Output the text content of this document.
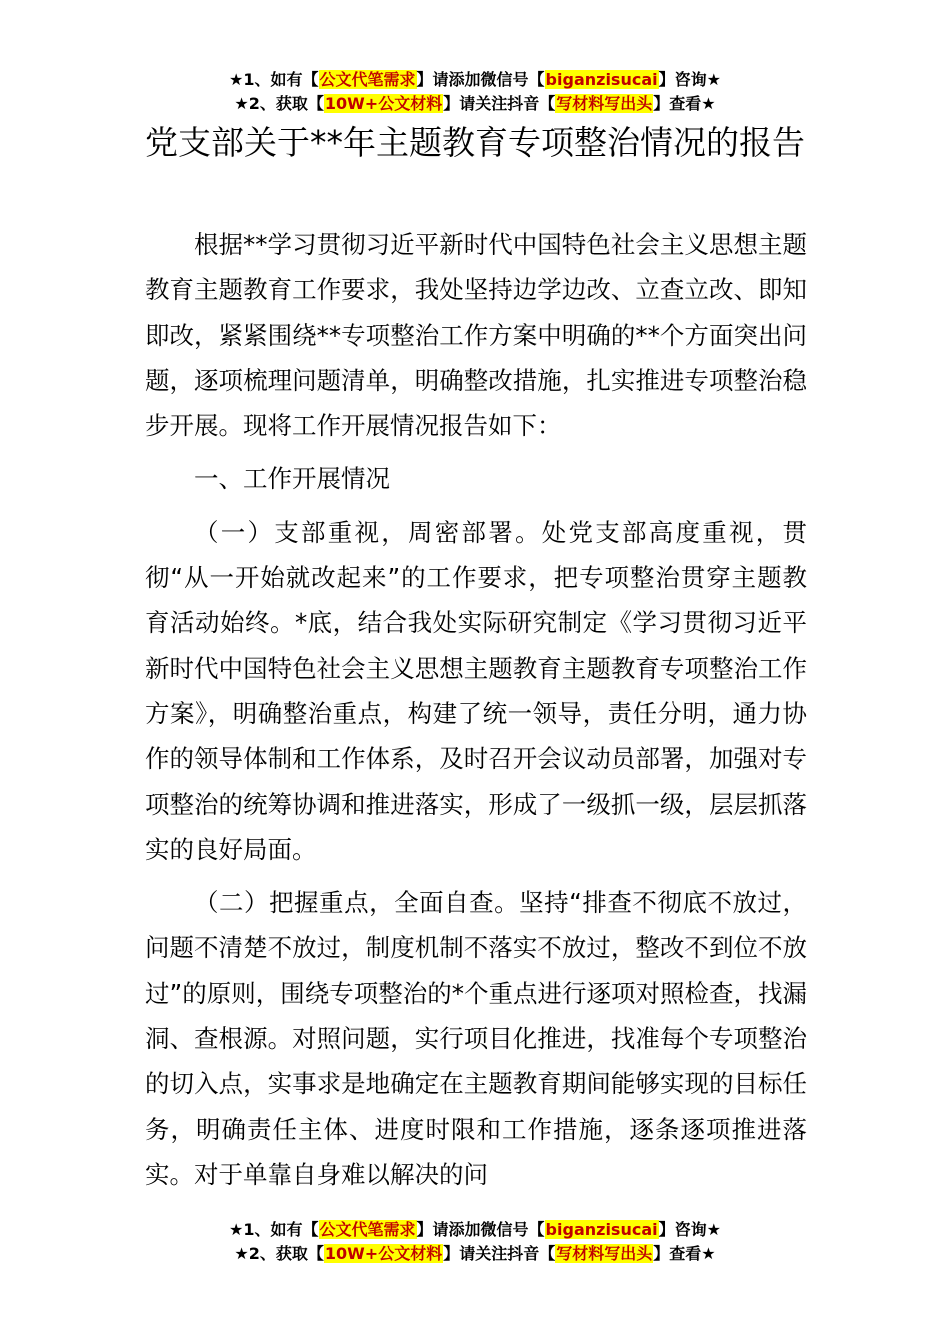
★1、如有【公文代笔需求】请添加微信号【biganzisucai】咨询★
★2、获取【10W+公文材料】请关注抖音【写材料写出头】查看★
党支部关于**年主题教育专项整治情况的报告

根据**学习贯彻习近平新时代中国特色社会主义思想主题教育主题教育工作要求，我处坚持边学边改、立查立改、即知即改，紧紧围绕**专项整治工作方案中明确的**个方面突出问题，逐项梳理问题清单，明确整改措施，扎实推进专项整治稳步开展。现将工作开展情况报告如下：

一、工作开展情况

（一）支部重视，周密部署。处党支部高度重视，贯彻“从一开始就改起来”的工作要求，把专项整治贯穿主题教育活动始终。*底，结合我处实际研究制定《学习贯彻习近平新时代中国特色社会主义思想主题教育主题教育专项整治工作方案》，明确整治重点，构建了统一领导，责任分明，通力协作的领导体制和工作体系，及时召开会议动员部署，加强对专项整治的统筹协调和推进落实，形成了一级抓一级，层层抓落实的良好局面。

（二）把握重点，全面自查。坚持“排查不彻底不放过，问题不清楚不放过，制度机制不落实不放过，整改不到位不放过”的原则，围绕专项整治的*个重点进行逐项对照检查，找漏洞、查根源。对照问题，实行项目化推进，找准每个专项整治的切入点，实事求是地确定在主题教育期间能够实现的目标任务，明确责任主体、进度时限和工作措施，逐条逐项推进落实。对于单靠自身难以解决的问

★1、如有【公文代笔需求】请添加微信号【biganzisucai】咨询★
★2、获取【10W+公文材料】请关注抖音【写材料写出头】查看★
